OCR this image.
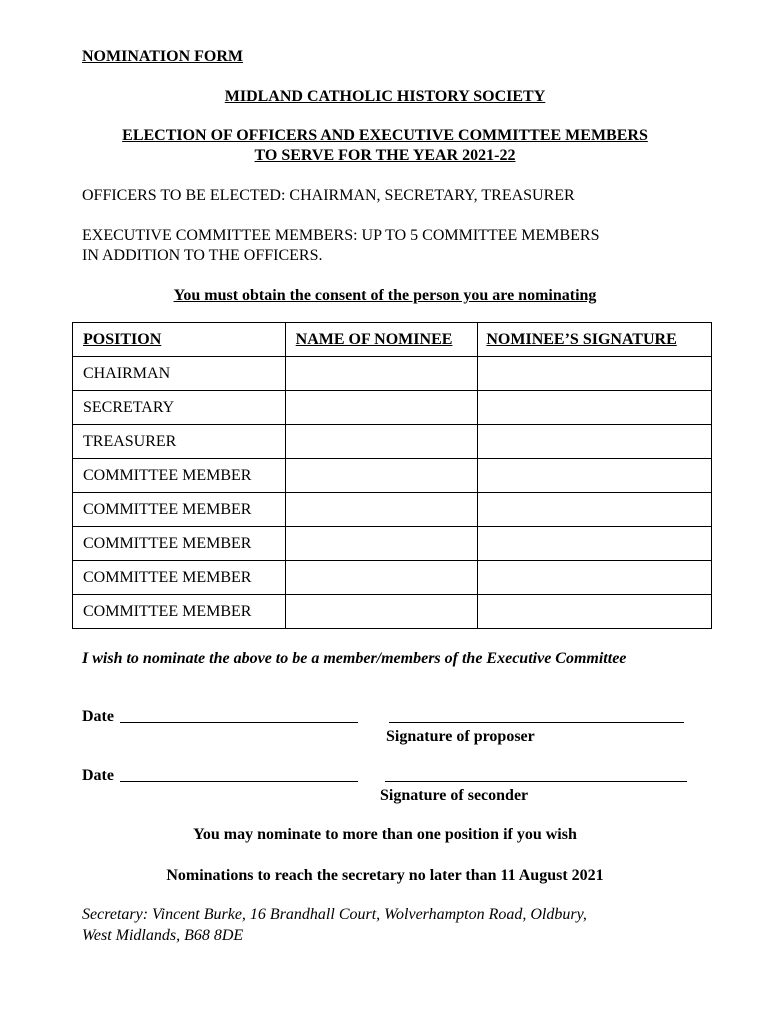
NOMINATION FORM
MIDLAND CATHOLIC HISTORY SOCIETY
ELECTION OF OFFICERS AND EXECUTIVE COMMITTEE MEMBERS
TO SERVE FOR THE YEAR 2021-22
OFFICERS TO BE ELECTED: CHAIRMAN, SECRETARY, TREASURER
EXECUTIVE COMMITTEE MEMBERS: UP TO 5 COMMITTEE MEMBERS
IN ADDITION TO THE OFFICERS.
You must obtain the consent of the person you are nominating
POSITION	NAME OF NOMINEE	NOMINEE’S SIGNATURE
CHAIRMAN		
SECRETARY		
TREASURER		
COMMITTEE MEMBER		
COMMITTEE MEMBER		
COMMITTEE MEMBER		
COMMITTEE MEMBER		
COMMITTEE MEMBER		
I wish to nominate the above to be a member/members of the Executive Committee
Date
Signature of proposer
Date
Signature of seconder
You may nominate to more than one position if you wish
Nominations to reach the secretary no later than 11 August 2021
Secretary: Vincent Burke, 16 Brandhall Court, Wolverhampton Road, Oldbury,
West Midlands, B68 8DE
